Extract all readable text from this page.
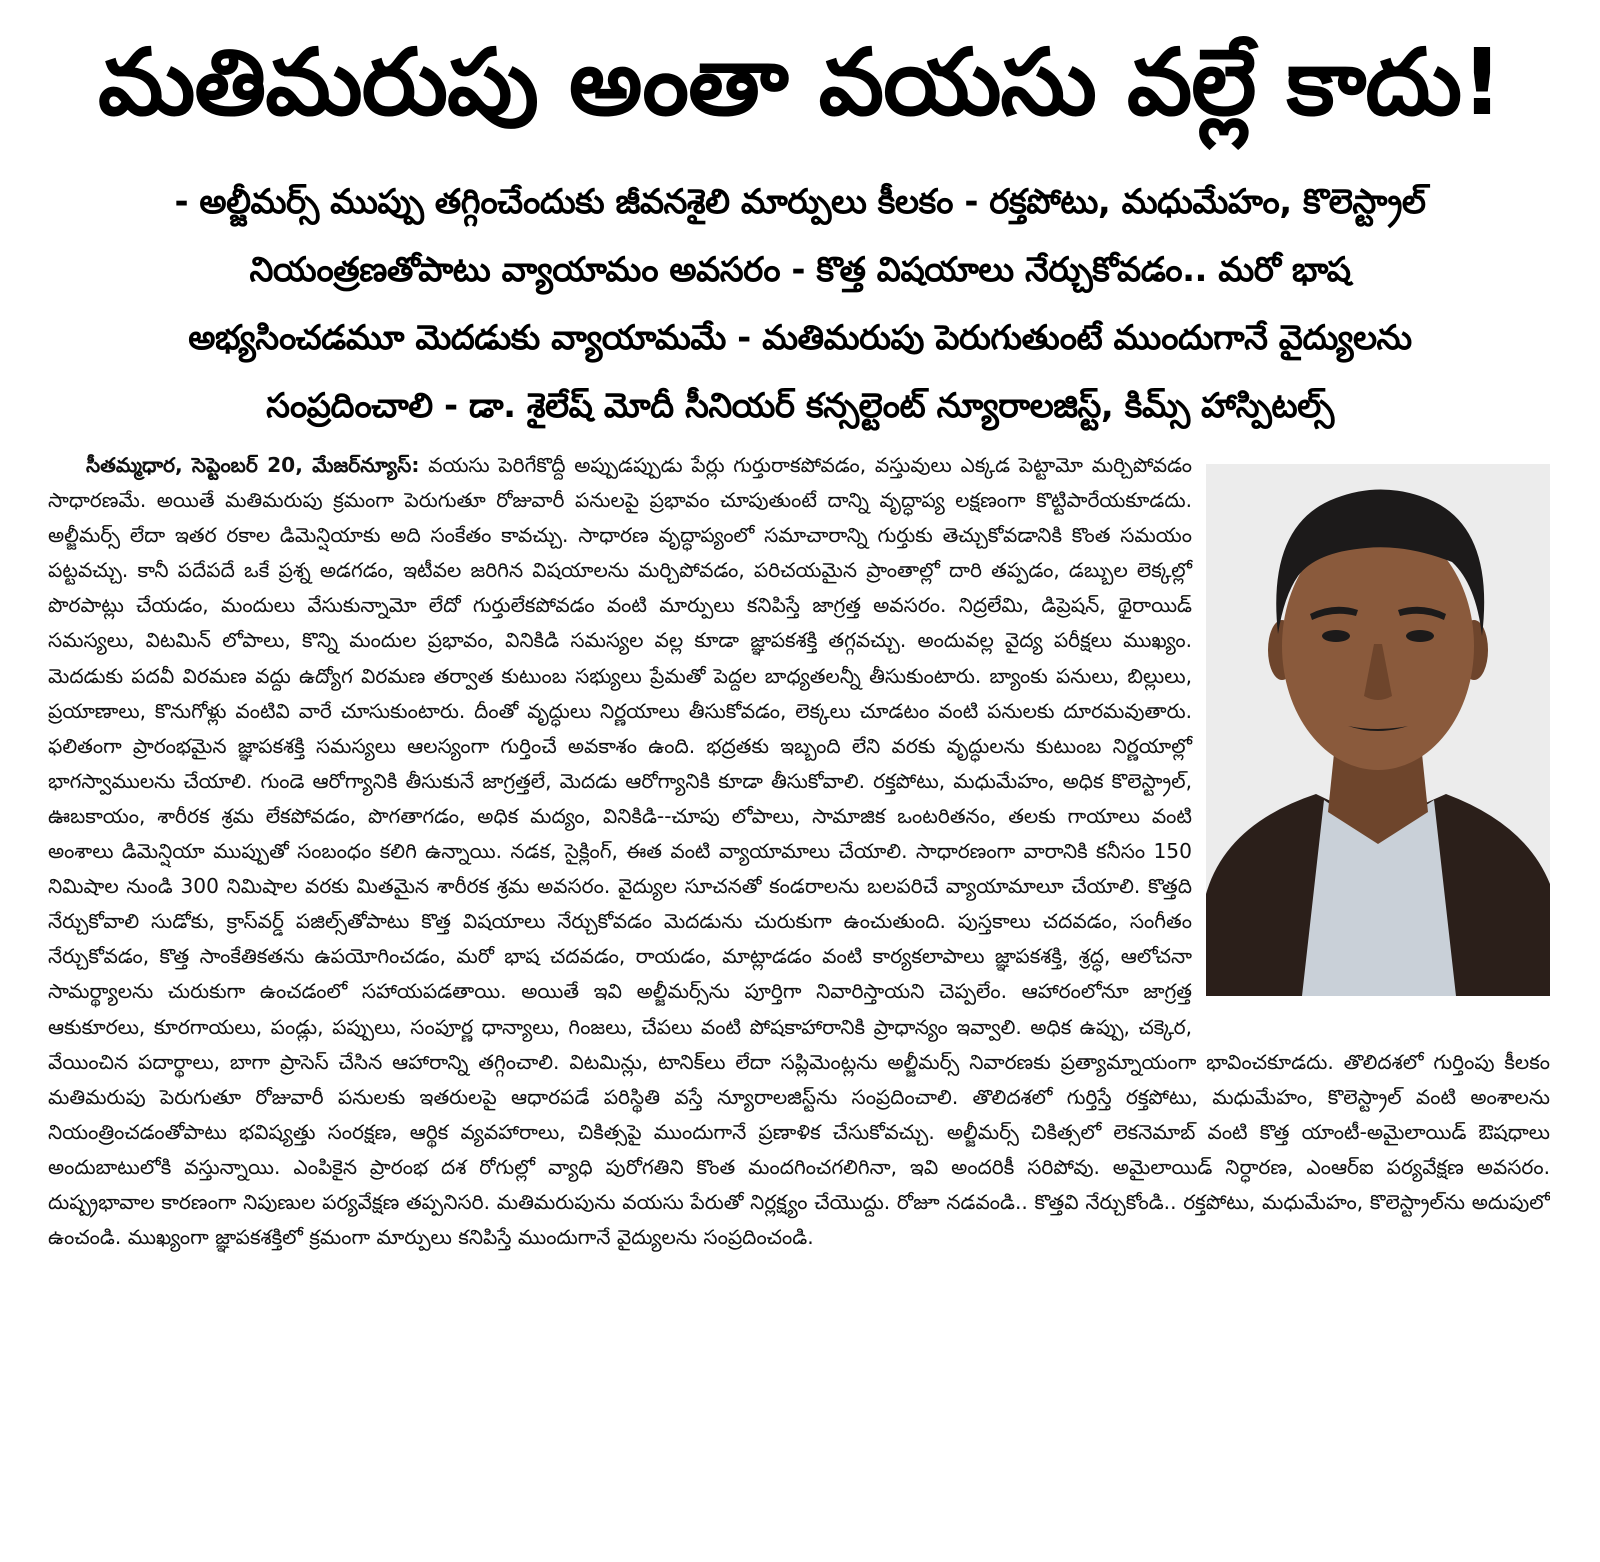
మతిమరుపు అంతా వయసు వల్లే కాదు!
- అల్జీమర్స్ ముప్పు తగ్గించేందుకు జీవనశైలి మార్పులు కీలకం - రక్తపోటు, మధుమేహం, కొలెస్ట్రాల్
నియంత్రణతోపాటు వ్యాయామం అవసరం - కొత్త విషయాలు నేర్చుకోవడం.. మరో భాష
అభ్యసించడమూ మెదడుకు వ్యాయామమే - మతిమరుపు పెరుగుతుంటే ముందుగానే వైద్యులను
సంప్రదించాలి - డా. శైలేష్ మోదీ సీనియర్ కన్సల్టెంట్ న్యూరాలజిస్ట్, కిమ్స్ హాస్పిటల్స్

సీతమ్మధార, సెప్టెంబర్ 20, మేజర్‌న్యూస్: వయసు పెరిగేకొద్దీ అప్పుడప్పుడు పేర్లు గుర్తురాకపోవడం, వస్తువులు ఎక్కడ పెట్టామో మర్చిపోవడం సాధారణమే. అయితే మతిమరుపు క్రమంగా పెరుగుతూ రోజువారీ పనులపై ప్రభావం చూపుతుంటే దాన్ని వృద్ధాప్య లక్షణంగా కొట్టిపారేయకూడదు. అల్జీమర్స్ లేదా ఇతర రకాల డిమెన్షియాకు అది సంకేతం కావచ్చు. సాధారణ వృద్ధాప్యంలో సమాచారాన్ని గుర్తుకు తెచ్చుకోవడానికి కొంత సమయం పట్టవచ్చు. కానీ పదేపదే ఒకే ప్రశ్న అడగడం, ఇటీవల జరిగిన విషయాలను మర్చిపోవడం, పరిచయమైన ప్రాంతాల్లో దారి తప్పడం, డబ్బుల లెక్కల్లో పొరపాట్లు చేయడం, మందులు వేసుకున్నామో లేదో గుర్తులేకపోవడం వంటి మార్పులు కనిపిస్తే జాగ్రత్త అవసరం. నిద్రలేమి, డిప్రెషన్, థైరాయిడ్ సమస్యలు, విటమిన్ లోపాలు, కొన్ని మందుల ప్రభావం, వినికిడి సమస్యల వల్ల కూడా జ్ఞాపకశక్తి తగ్గవచ్చు. అందువల్ల వైద్య పరీక్షలు ముఖ్యం. మెదడుకు పదవీ విరమణ వద్దు ఉద్యోగ విరమణ తర్వాత కుటుంబ సభ్యులు ప్రేమతో పెద్దల బాధ్యతలన్నీ తీసుకుంటారు. బ్యాంకు పనులు, బిల్లులు, ప్రయాణాలు, కొనుగోళ్లు వంటివి వారే చూసుకుంటారు. దీంతో వృద్ధులు నిర్ణయాలు తీసుకోవడం, లెక్కలు చూడటం వంటి పనులకు దూరమవుతారు. ఫలితంగా ప్రారంభమైన జ్ఞాపకశక్తి సమస్యలు ఆలస్యంగా గుర్తించే అవకాశం ఉంది. భద్రతకు ఇబ్బంది లేని వరకు వృద్ధులను కుటుంబ నిర్ణయాల్లో భాగస్వాములను చేయాలి. గుండె ఆరోగ్యానికి తీసుకునే జాగ్రత్తలే, మెదడు ఆరోగ్యానికి కూడా తీసుకోవాలి. రక్తపోటు, మధుమేహం, అధిక కొలెస్ట్రాల్, ఊబకాయం, శారీరక శ్రమ లేకపోవడం, పొగతాగడం, అధిక మద్యం, వినికిడి--చూపు లోపాలు, సామాజిక ఒంటరితనం, తలకు గాయాలు వంటి అంశాలు డిమెన్షియా ముప్పుతో సంబంధం కలిగి ఉన్నాయి. నడక, సైక్లింగ్, ఈత వంటి వ్యాయామాలు చేయాలి. సాధారణంగా వారానికి కనీసం 150 నిమిషాల నుండి 300 నిమిషాల వరకు మితమైన శారీరక శ్రమ అవసరం. వైద్యుల సూచనతో కండరాలను బలపరిచే వ్యాయామాలూ చేయాలి. కొత్తది నేర్చుకోవాలి సుడోకు, క్రాస్‌వర్డ్ పజిల్స్‌తోపాటు కొత్త విషయాలు నేర్చుకోవడం మెదడును చురుకుగా ఉంచుతుంది. పుస్తకాలు చదవడం, సంగీతం నేర్చుకోవడం, కొత్త సాంకేతికతను ఉపయోగించడం, మరో భాష చదవడం, రాయడం, మాట్లాడడం వంటి కార్యకలాపాలు జ్ఞాపకశక్తి, శ్రద్ధ, ఆలోచనా సామర్థ్యాలను చురుకుగా ఉంచడంలో సహాయపడతాయి. అయితే ఇవి అల్జీమర్స్‌ను పూర్తిగా నివారిస్తాయని చెప్పలేం. ఆహారంలోనూ జాగ్రత్త ఆకుకూరలు, కూరగాయలు, పండ్లు, పప్పులు, సంపూర్ణ ధాన్యాలు, గింజలు, చేపలు వంటి పోషకాహారానికి ప్రాధాన్యం ఇవ్వాలి. అధిక ఉప్పు, చక్కెర, వేయించిన పదార్థాలు, బాగా ప్రాసెస్ చేసిన ఆహారాన్ని తగ్గించాలి. విటమిన్లు, టానిక్‌లు లేదా సప్లిమెంట్లను అల్జీమర్స్ నివారణకు ప్రత్యామ్నాయంగా భావించకూడదు. తొలిదశలో గుర్తింపు కీలకం మతిమరుపు పెరుగుతూ రోజువారీ పనులకు ఇతరులపై ఆధారపడే పరిస్థితి వస్తే న్యూరాలజిస్ట్‌ను సంప్రదించాలి. తొలిదశలో గుర్తిస్తే రక్తపోటు, మధుమేహం, కొలెస్ట్రాల్ వంటి అంశాలను నియంత్రించడంతోపాటు భవిష్యత్తు సంరక్షణ, ఆర్థిక వ్యవహారాలు, చికిత్సపై ముందుగానే ప్రణాళిక చేసుకోవచ్చు. అల్జీమర్స్ చికిత్సలో లెకనెమాబ్ వంటి కొత్త యాంటీ-అమైలాయిడ్ ఔషధాలు అందుబాటులోకి వస్తున్నాయి. ఎంపికైన ప్రారంభ దశ రోగుల్లో వ్యాధి పురోగతిని కొంత మందగించగలిగినా, ఇవి అందరికీ సరిపోవు. అమైలాయిడ్ నిర్ధారణ, ఎంఆర్‌ఐ పర్యవేక్షణ అవసరం. దుష్ప్రభావాల కారణంగా నిపుణుల పర్యవేక్షణ తప్పనిసరి. మతిమరుపును వయసు పేరుతో నిర్లక్ష్యం చేయొద్దు. రోజూ నడవండి.. కొత్తవి నేర్చుకోండి.. రక్తపోటు, మధుమేహం, కొలెస్ట్రాల్‌ను అదుపులో ఉంచండి. ముఖ్యంగా జ్ఞాపకశక్తిలో క్రమంగా మార్పులు కనిపిస్తే ముందుగానే వైద్యులను సంప్రదించండి.
